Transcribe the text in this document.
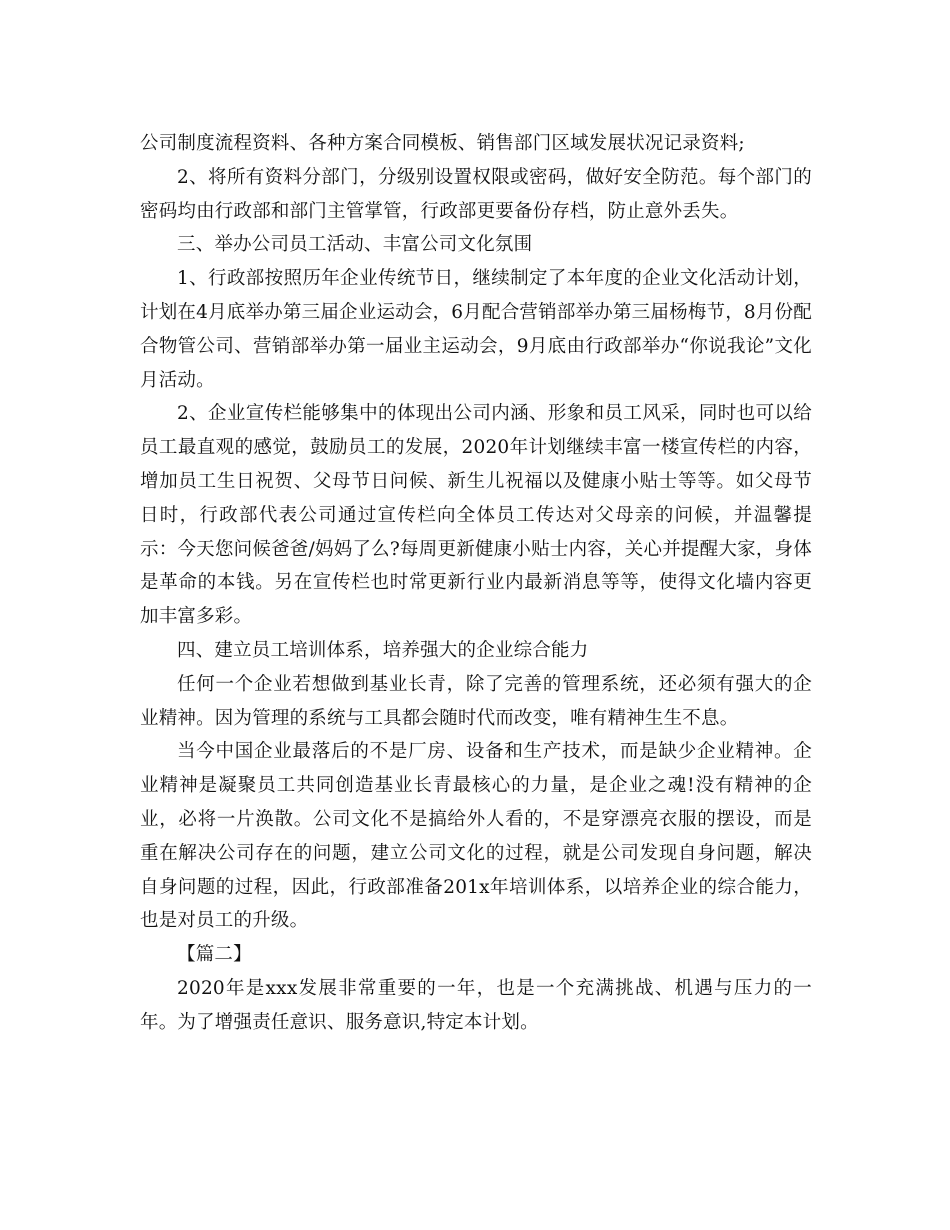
公司制度流程资料、各种方案合同模板、销售部门区域发展状况记录资料;

2、将所有资料分部门，分级别设置权限或密码，做好安全防范。每个部门的密码均由行政部和部门主管掌管，行政部更要备份存档，防止意外丢失。

三、举办公司员工活动、丰富公司文化氛围

1、行政部按照历年企业传统节日，继续制定了本年度的企业文化活动计划，计划在4月底举办第三届企业运动会，6月配合营销部举办第三届杨梅节，8月份配合物管公司、营销部举办第一届业主运动会，9月底由行政部举办“你说我论”文化月活动。

2、企业宣传栏能够集中的体现出公司内涵、形象和员工风采，同时也可以给员工最直观的感觉，鼓励员工的发展，2020年计划继续丰富一楼宣传栏的内容，增加员工生日祝贺、父母节日问候、新生儿祝福以及健康小贴士等等。如父母节日时，行政部代表公司通过宣传栏向全体员工传达对父母亲的问候，并温馨提示：今天您问候爸爸/妈妈了么?每周更新健康小贴士内容，关心并提醒大家，身体是革命的本钱。另在宣传栏也时常更新行业内最新消息等等，使得文化墙内容更加丰富多彩。

四、建立员工培训体系，培养强大的企业综合能力

任何一个企业若想做到基业长青，除了完善的管理系统，还必须有强大的企业精神。因为管理的系统与工具都会随时代而改变，唯有精神生生不息。

当今中国企业最落后的不是厂房、设备和生产技术，而是缺少企业精神。企业精神是凝聚员工共同创造基业长青最核心的力量，是企业之魂!没有精神的企业，必将一片涣散。公司文化不是搞给外人看的，不是穿漂亮衣服的摆设，而是重在解决公司存在的问题，建立公司文化的过程，就是公司发现自身问题，解决自身问题的过程，因此，行政部准备201x年培训体系，以培养企业的综合能力，也是对员工的升级。

【篇二】

2020年是xxx发展非常重要的一年，也是一个充满挑战、机遇与压力的一年。为了增强责任意识、服务意识,特定本计划。
